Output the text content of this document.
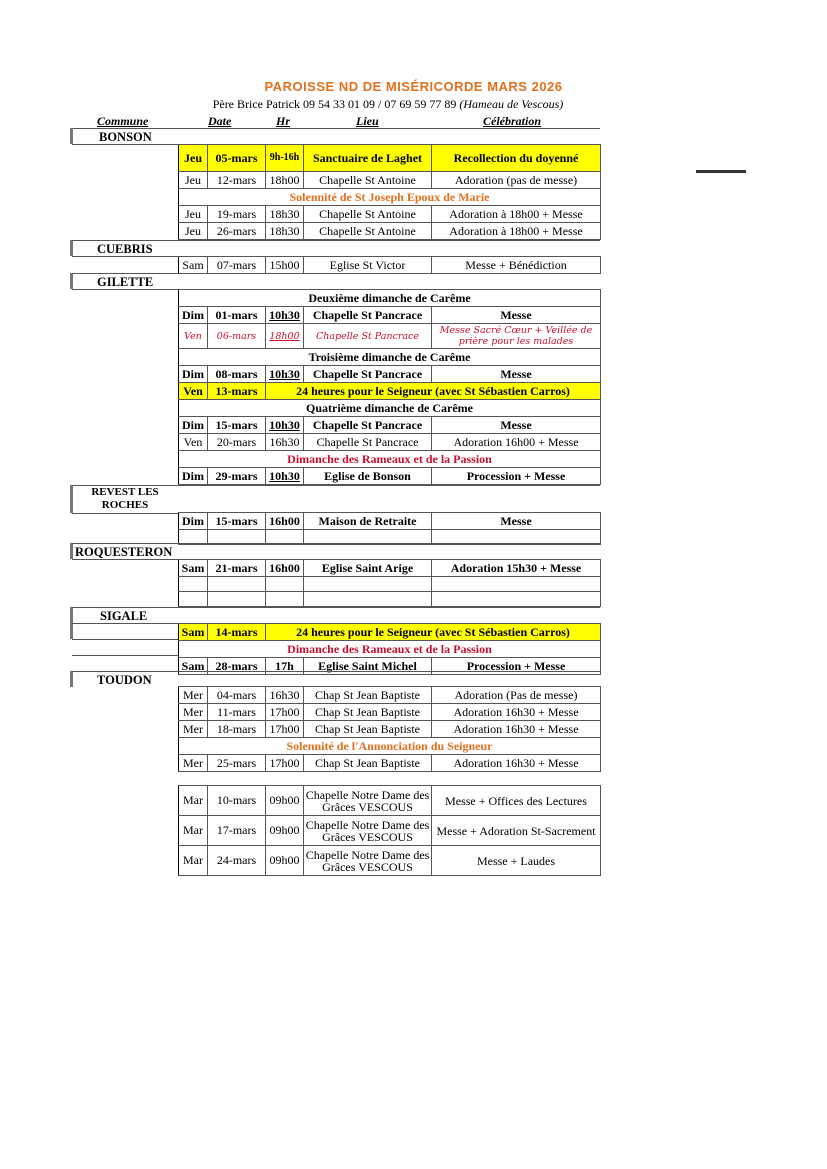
PAROISSE ND DE MISÉRICORDE MARS 2026
Père Brice Patrick 09 54 33 01 09 / 07 69 59 77 89 (Hameau de Vescous)
Commune	Date	Hr	Lieu	Célébration
BONSON
Jeu	05-mars	9h-16h	Sanctuaire de Laghet	Recollection du doyenné
Jeu	12-mars	18h00	Chapelle St Antoine	Adoration (pas de messe)
Solennité de St Joseph Epoux de Marie				
Jeu	19-mars	18h30	Chapelle St Antoine	Adoration à 18h00 + Messe
Jeu	26-mars	18h30	Chapelle St Antoine	Adoration à 18h00 + Messe
CUEBRIS
Sam	07-mars	15h00	Eglise St Victor	Messe + Bénédiction
GILETTE
Deuxième dimanche de Carême				
Dim	01-mars	10h30	Chapelle St Pancrace	Messe
Ven	06-mars	18h00	Chapelle St Pancrace	Messe Sacré Cœur + Veillée de prière pour les malades
Troisième dimanche de Carême				
Dim	08-mars	10h30	Chapelle St Pancrace	Messe
Ven	13-mars	24 heures pour le Seigneur (avec St Sébastien Carros)		
Quatrième dimanche de Carême				
Dim	15-mars	10h30	Chapelle St Pancrace	Messe
Ven	20-mars	16h30	Chapelle St Pancrace	Adoration 16h00 + Messe
Dimanche des Rameaux et de la Passion				
Dim	29-mars	10h30	Eglise de Bonson	Procession + Messe
REVEST LES ROCHES
Dim	15-mars	16h00	Maison de Retraite	Messe

ROQUESTERON
Sam	21-mars	16h00	Eglise Saint Arige	Adoration 15h30 + Messe

SIGALE
Sam	14-mars	24 heures pour le Seigneur (avec St Sébastien Carros)		
Dimanche des Rameaux et de la Passion				
Sam	28-mars	17h	Eglise Saint Michel	Procession + Messe
TOUDON
Mer	04-mars	16h30	Chap St Jean Baptiste	Adoration (Pas de messe)
Mer	11-mars	17h00	Chap St Jean Baptiste	Adoration 16h30 + Messe
Mer	18-mars	17h00	Chap St Jean Baptiste	Adoration 16h30 + Messe
Solennité de l'Annonciation du Seigneur				
Mer	25-mars	17h00	Chap St Jean Baptiste	Adoration 16h30 + Messe
Mar	10-mars	09h00	Chapelle Notre Dame des Grâces VESCOUS	Messe + Offices des Lectures
Mar	17-mars	09h00	Chapelle Notre Dame des Grâces VESCOUS	Messe + Adoration St-Sacrement
Mar	24-mars	09h00	Chapelle Notre Dame des Grâces VESCOUS	Messe + Laudes
